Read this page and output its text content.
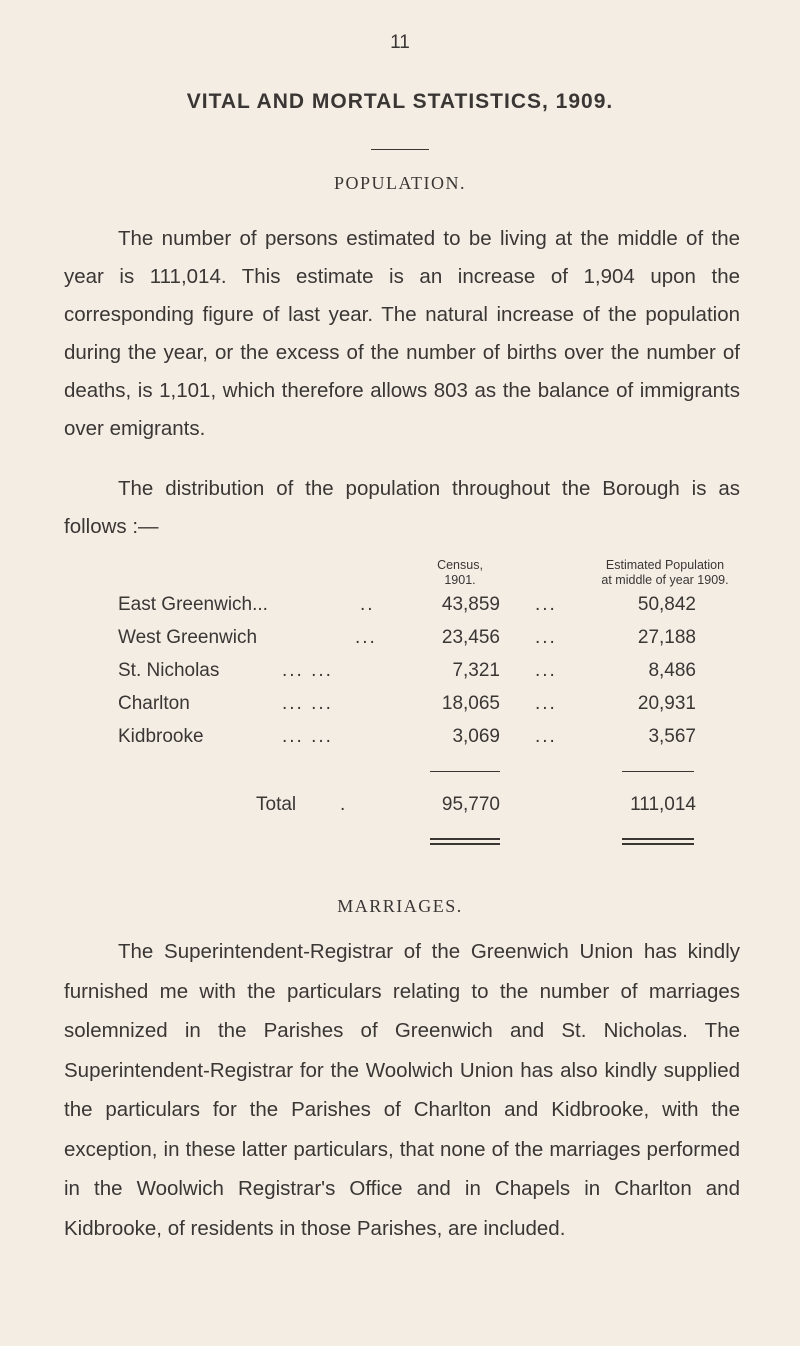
11
VITAL AND MORTAL STATISTICS, 1909.
POPULATION.
The number of persons estimated to be living at the middle of the year is 111,014. This estimate is an increase of 1,904 upon the corresponding figure of last year. The natural increase of the population during the year, or the excess of the number of births over the number of deaths, is 1,101, which therefore allows 803 as the balance of immigrants over emigrants.
The distribution of the population throughout the Borough is as follows :—
Census,
1901.
Estimated Population
at middle of year 1909.
East Greenwich...	..	43,859 ...	50,842
West Greenwich	...	23,456 ...	27,188
St. Nicholas	... ...	7,321 ...	8,486
Charlton	... ...	18,065 ...	20,931
Kidbrooke	... ...	3,069 ...	3,567
Total .	95,770	111,014
MARRIAGES.
The Superintendent-Registrar of the Greenwich Union has kindly furnished me with the particulars relating to the number of marriages solemnized in the Parishes of Greenwich and St. Nicholas. The Superintendent-Registrar for the Woolwich Union has also kindly supplied the particulars for the Parishes of Charlton and Kidbrooke, with the exception, in these latter particulars, that none of the marriages performed in the Woolwich Registrar's Office and in Chapels in Charlton and Kidbrooke, of residents in those Parishes, are included.
